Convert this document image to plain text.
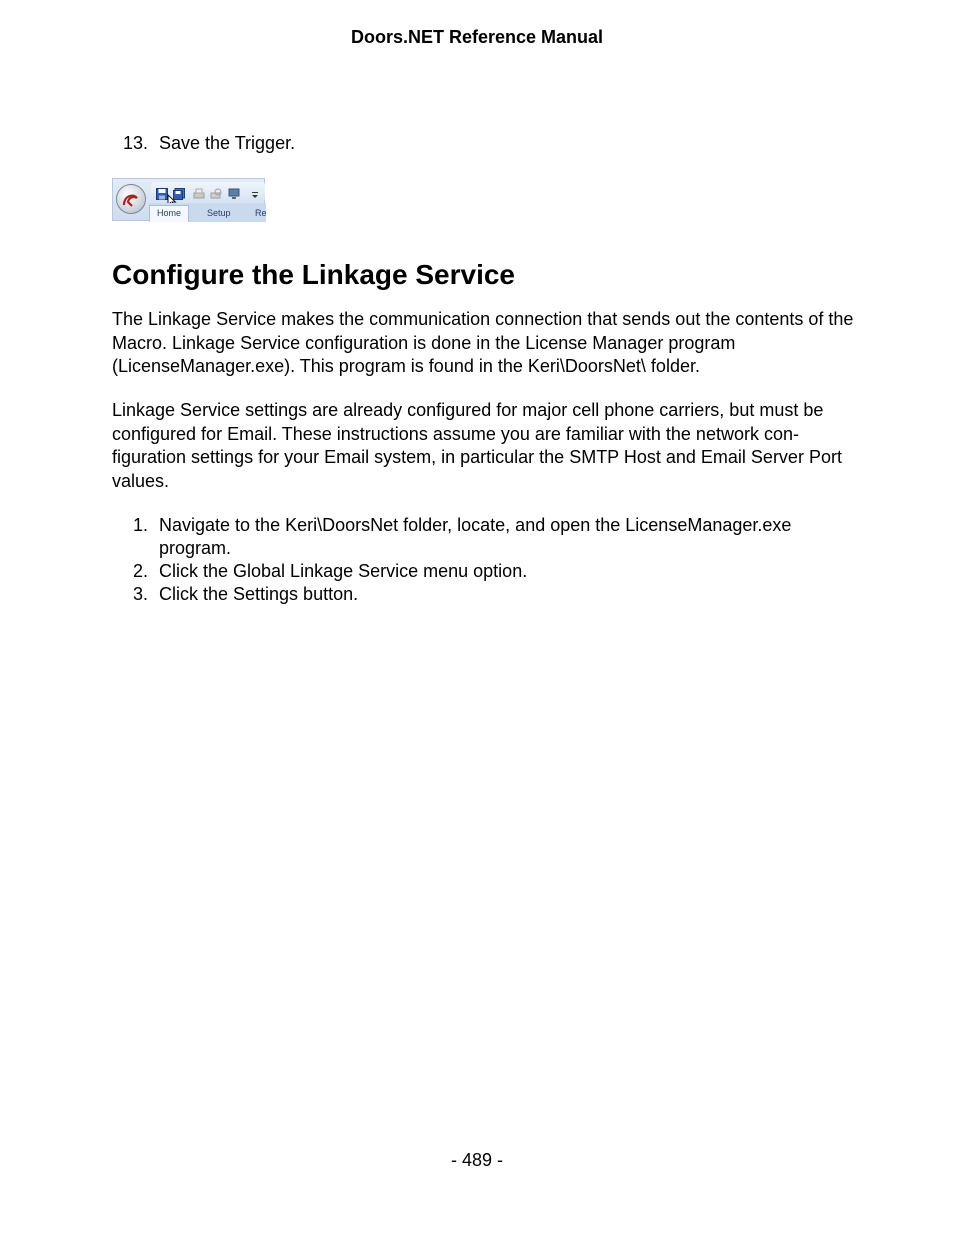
Doors.NET Reference Manual
13. Save the Trigger.
Home	Setup	Re
Configure the Linkage Service

The Linkage Service makes the communication connection that sends out the contents of the Macro. Linkage Service configuration is done in the License Manager program (LicenseManager.exe). This program is found in the Keri\DoorsNet\ folder.

Linkage Service settings are already configured for major cell phone carriers, but must be configured for Email. These instructions assume you are familiar with the network con-figuration settings for your Email system, in particular the SMTP Host and Email Server Port values.

1. Navigate to the Keri\DoorsNet folder, locate, and open the LicenseManager.exe program.
2. Click the Global Linkage Service menu option.
3. Click the Settings button.
- 489 -
